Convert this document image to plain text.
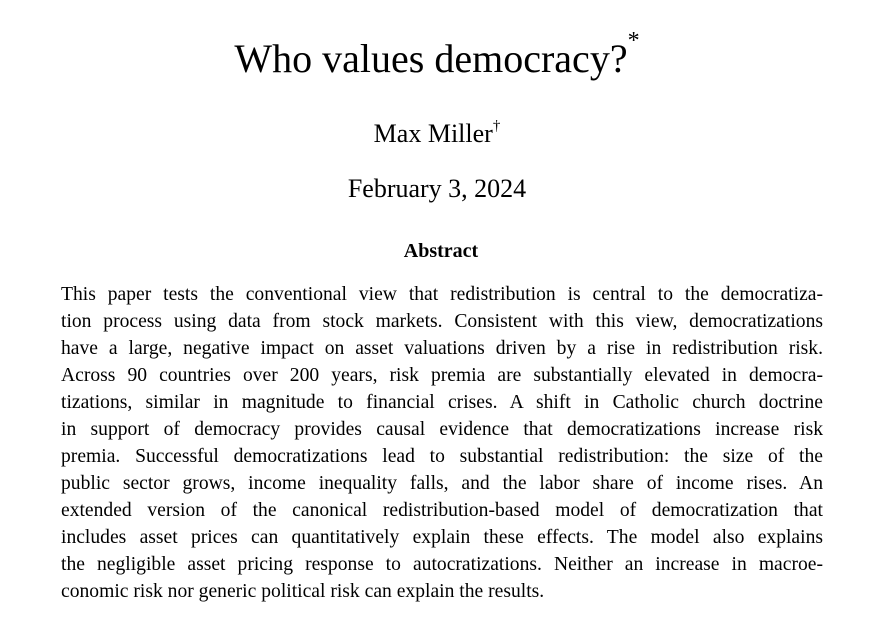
Who values democracy?*
Max Miller†
February 3, 2024
Abstract
This paper tests the conventional view that redistribution is central to the democratiza-
tion process using data from stock markets. Consistent with this view, democratizations
have a large, negative impact on asset valuations driven by a rise in redistribution risk.
Across 90 countries over 200 years, risk premia are substantially elevated in democra-
tizations, similar in magnitude to financial crises. A shift in Catholic church doctrine
in support of democracy provides causal evidence that democratizations increase risk
premia. Successful democratizations lead to substantial redistribution: the size of the
public sector grows, income inequality falls, and the labor share of income rises. An
extended version of the canonical redistribution-based model of democratization that
includes asset prices can quantitatively explain these effects. The model also explains
the negligible asset pricing response to autocratizations. Neither an increase in macroe-
conomic risk nor generic political risk can explain the results.
